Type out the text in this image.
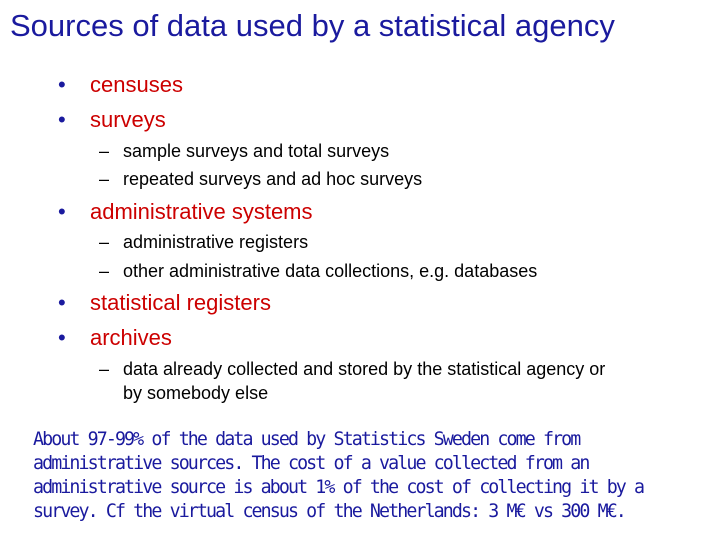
Sources of data used by a statistical agency
• censuses
• surveys
– sample surveys and total surveys
– repeated surveys and ad hoc surveys
• administrative systems
– administrative registers
– other administrative data collections, e.g. databases
• statistical registers
• archives
– data already collected and stored by the statistical agency or
by somebody else
About 97-99% of the data used by Statistics Sweden come from
administrative sources. The cost of a value collected from an
administrative source is about 1% of the cost of collecting it by a
survey. Cf the virtual census of the Netherlands: 3 M€ vs 300 M€.
